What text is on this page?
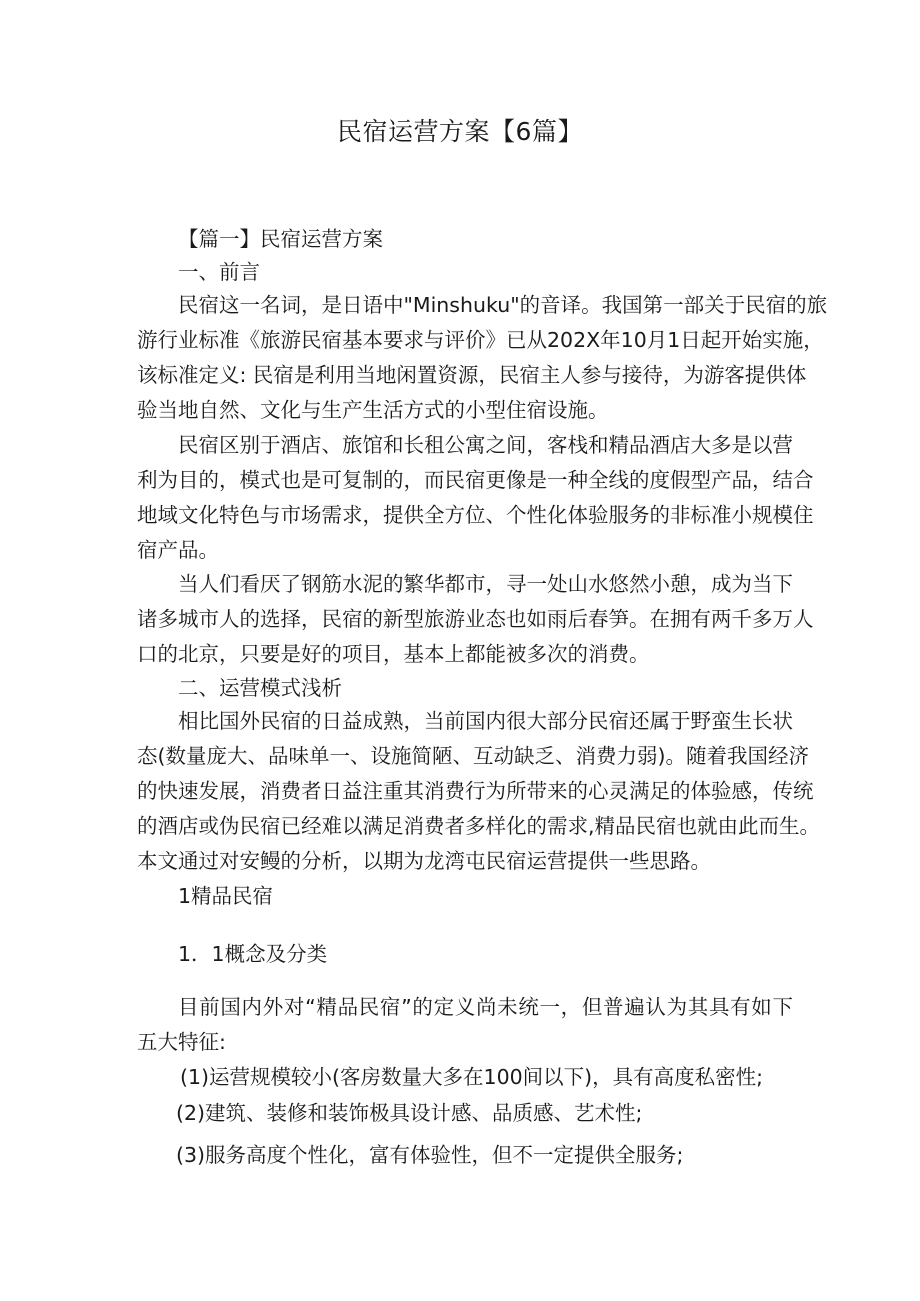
民宿运营方案【6篇】
【篇一】民宿运营方案
一、前言
民宿这一名词，是日语中"Minshuku"的音译。我国第一部关于民宿的旅
游行业标准《旅游民宿基本要求与评价》已从202X年10月1日起开始实施，
该标准定义: 民宿是利用当地闲置资源，民宿主人参与接待，为游客提供体
验当地自然、文化与生产生活方式的小型住宿设施。
民宿区别于酒店、旅馆和长租公寓之间，客栈和精品酒店大多是以营
利为目的，模式也是可复制的，而民宿更像是一种全线的度假型产品，结合
地域文化特色与市场需求，提供全方位、个性化体验服务的非标准小规模住
宿产品。
当人们看厌了钢筋水泥的繁华都市，寻一处山水悠然小憩，成为当下
诸多城市人的选择，民宿的新型旅游业态也如雨后春笋。在拥有两千多万人
口的北京，只要是好的项目，基本上都能被多次的消费。
二、运营模式浅析
相比国外民宿的日益成熟，当前国内很大部分民宿还属于野蛮生长状
态(数量庞大、品味单一、设施简陋、互动缺乏、消费力弱)。随着我国经济
的快速发展，消费者日益注重其消费行为所带来的心灵满足的体验感，传统
的酒店或伪民宿已经难以满足消费者多样化的需求,精品民宿也就由此而生。
本文通过对安鳗的分析，以期为龙湾屯民宿运营提供一些思路。
1精品民宿
1．1概念及分类
目前国内外对“精品民宿”的定义尚未统一，但普遍认为其具有如下
五大特征:
(1)运营规模较小(客房数量大多在100间以下)，具有高度私密性;
(2)建筑、装修和装饰极具设计感、品质感、艺术性;
(3)服务高度个性化，富有体验性，但不一定提供全服务;
